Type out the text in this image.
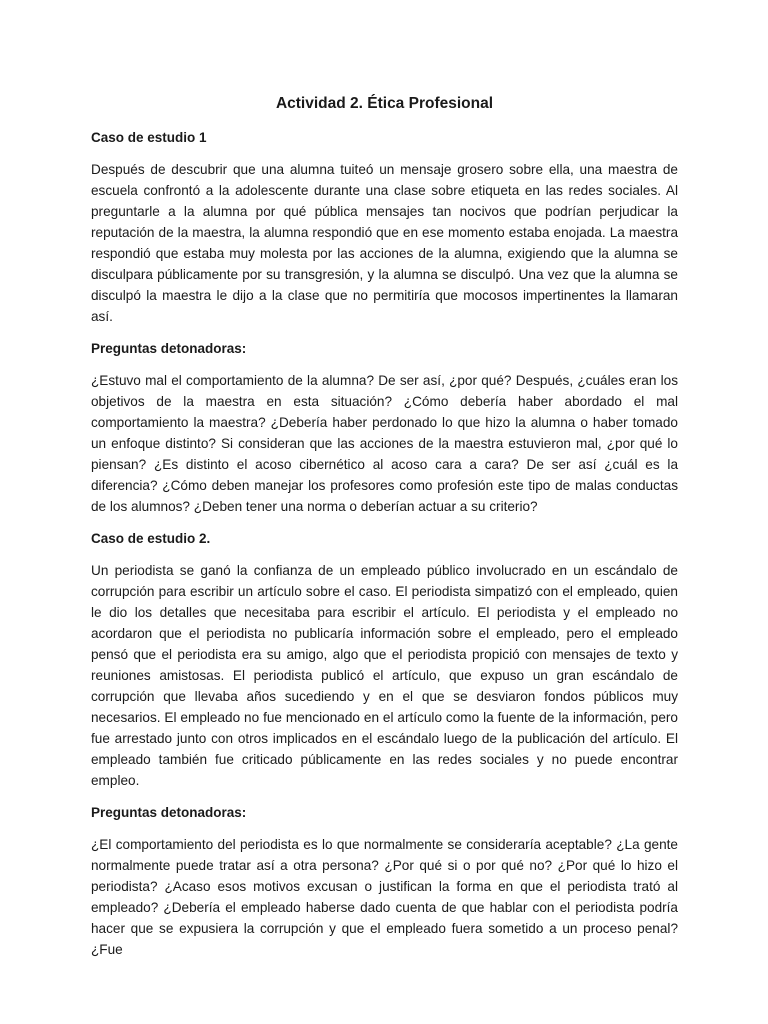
Actividad 2. Ética Profesional
Caso de estudio 1

Después de descubrir que una alumna tuiteó un mensaje grosero sobre ella, una maestra de escuela confrontó a la adolescente durante una clase sobre etiqueta en las redes sociales. Al preguntarle a la alumna por qué pública mensajes tan nocivos que podrían perjudicar la reputación de la maestra, la alumna respondió que en ese momento estaba enojada. La maestra respondió que estaba muy molesta por las acciones de la alumna, exigiendo que la alumna se disculpara públicamente por su transgresión, y la alumna se disculpó. Una vez que la alumna se disculpó la maestra le dijo a la clase que no permitiría que mocosos impertinentes la llamaran así.

Preguntas detonadoras:

¿Estuvo mal el comportamiento de la alumna? De ser así, ¿por qué? Después, ¿cuáles eran los objetivos de la maestra en esta situación? ¿Cómo debería haber abordado el mal comportamiento la maestra? ¿Debería haber perdonado lo que hizo la alumna o haber tomado un enfoque distinto? Si consideran que las acciones de la maestra estuvieron mal, ¿por qué lo piensan? ¿Es distinto el acoso cibernético al acoso cara a cara? De ser así ¿cuál es la diferencia? ¿Cómo deben manejar los profesores como profesión este tipo de malas conductas de los alumnos? ¿Deben tener una norma o deberían actuar a su criterio?

Caso de estudio 2.

Un periodista se ganó la confianza de un empleado público involucrado en un escándalo de corrupción para escribir un artículo sobre el caso. El periodista simpatizó con el empleado, quien le dio los detalles que necesitaba para escribir el artículo. El periodista y el empleado no acordaron que el periodista no publicaría información sobre el empleado, pero el empleado pensó que el periodista era su amigo, algo que el periodista propició con mensajes de texto y reuniones amistosas. El periodista publicó el artículo, que expuso un gran escándalo de corrupción que llevaba años sucediendo y en el que se desviaron fondos públicos muy necesarios. El empleado no fue mencionado en el artículo como la fuente de la información, pero fue arrestado junto con otros implicados en el escándalo luego de la publicación del artículo. El empleado también fue criticado públicamente en las redes sociales y no puede encontrar empleo.

Preguntas detonadoras:

¿El comportamiento del periodista es lo que normalmente se consideraría aceptable? ¿La gente normalmente puede tratar así a otra persona? ¿Por qué si o por qué no? ¿Por qué lo hizo el periodista? ¿Acaso esos motivos excusan o justifican la forma en que el periodista trató al empleado? ¿Debería el empleado haberse dado cuenta de que hablar con el periodista podría hacer que se expusiera la corrupción y que el empleado fuera sometido a un proceso penal? ¿Fue
